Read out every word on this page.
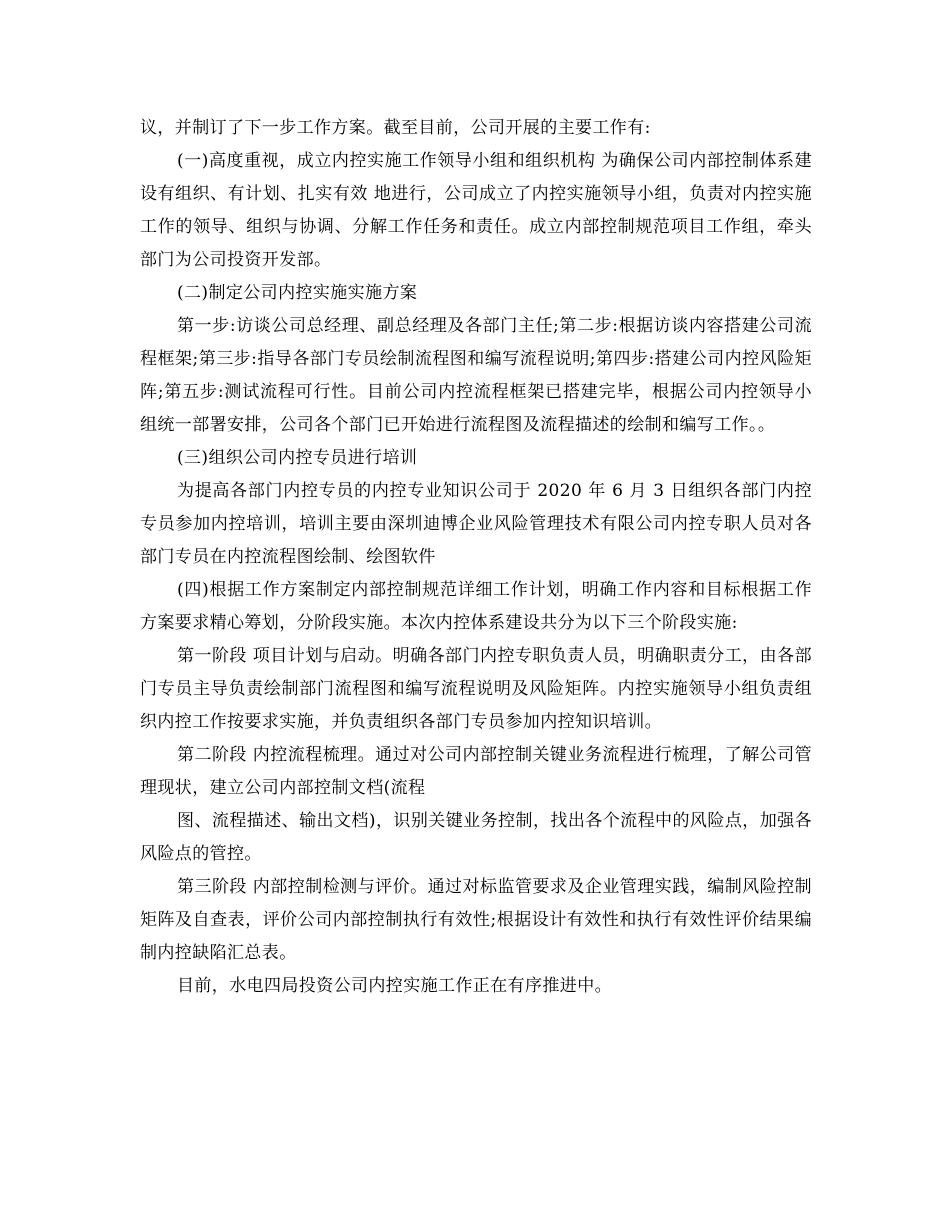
议，并制订了下一步工作方案。截至目前，公司开展的主要工作有:

(一)高度重视，成立内控实施工作领导小组和组织机构 为确保公司内部控制体系建设有组织、有计划、扎实有效 地进行，公司成立了内控实施领导小组，负责对内控实施工作的领导、组织与协调、分解工作任务和责任。成立内部控制规范项目工作组，牵头部门为公司投资开发部。

(二)制定公司内控实施实施方案

第一步:访谈公司总经理、副总经理及各部门主任;第二步:根据访谈内容搭建公司流程框架;第三步:指导各部门专员绘制流程图和编写流程说明;第四步:搭建公司内控风险矩阵;第五步:测试流程可行性。目前公司内控流程框架已搭建完毕，根据公司内控领导小组统一部署安排，公司各个部门已开始进行流程图及流程描述的绘制和编写工作。。

(三)组织公司内控专员进行培训

为提高各部门内控专员的内控专业知识公司于 2020 年 6 月 3 日组织各部门内控专员参加内控培训，培训主要由深圳迪博企业风险管理技术有限公司内控专职人员对各部门专员在内控流程图绘制、绘图软件

(四)根据工作方案制定内部控制规范详细工作计划，明确工作内容和目标根据工作方案要求精心筹划，分阶段实施。本次内控体系建设共分为以下三个阶段实施:

第一阶段 项目计划与启动。明确各部门内控专职负责人员，明确职责分工，由各部门专员主导负责绘制部门流程图和编写流程说明及风险矩阵。内控实施领导小组负责组织内控工作按要求实施，并负责组织各部门专员参加内控知识培训。

第二阶段 内控流程梳理。通过对公司内部控制关键业务流程进行梳理，了解公司管理现状，建立公司内部控制文档(流程

图、流程描述、输出文档)，识别关键业务控制，找出各个流程中的风险点，加强各风险点的管控。

第三阶段 内部控制检测与评价。通过对标监管要求及企业管理实践，编制风险控制矩阵及自查表，评价公司内部控制执行有效性;根据设计有效性和执行有效性评价结果编制内控缺陷汇总表。

目前，水电四局投资公司内控实施工作正在有序推进中。
